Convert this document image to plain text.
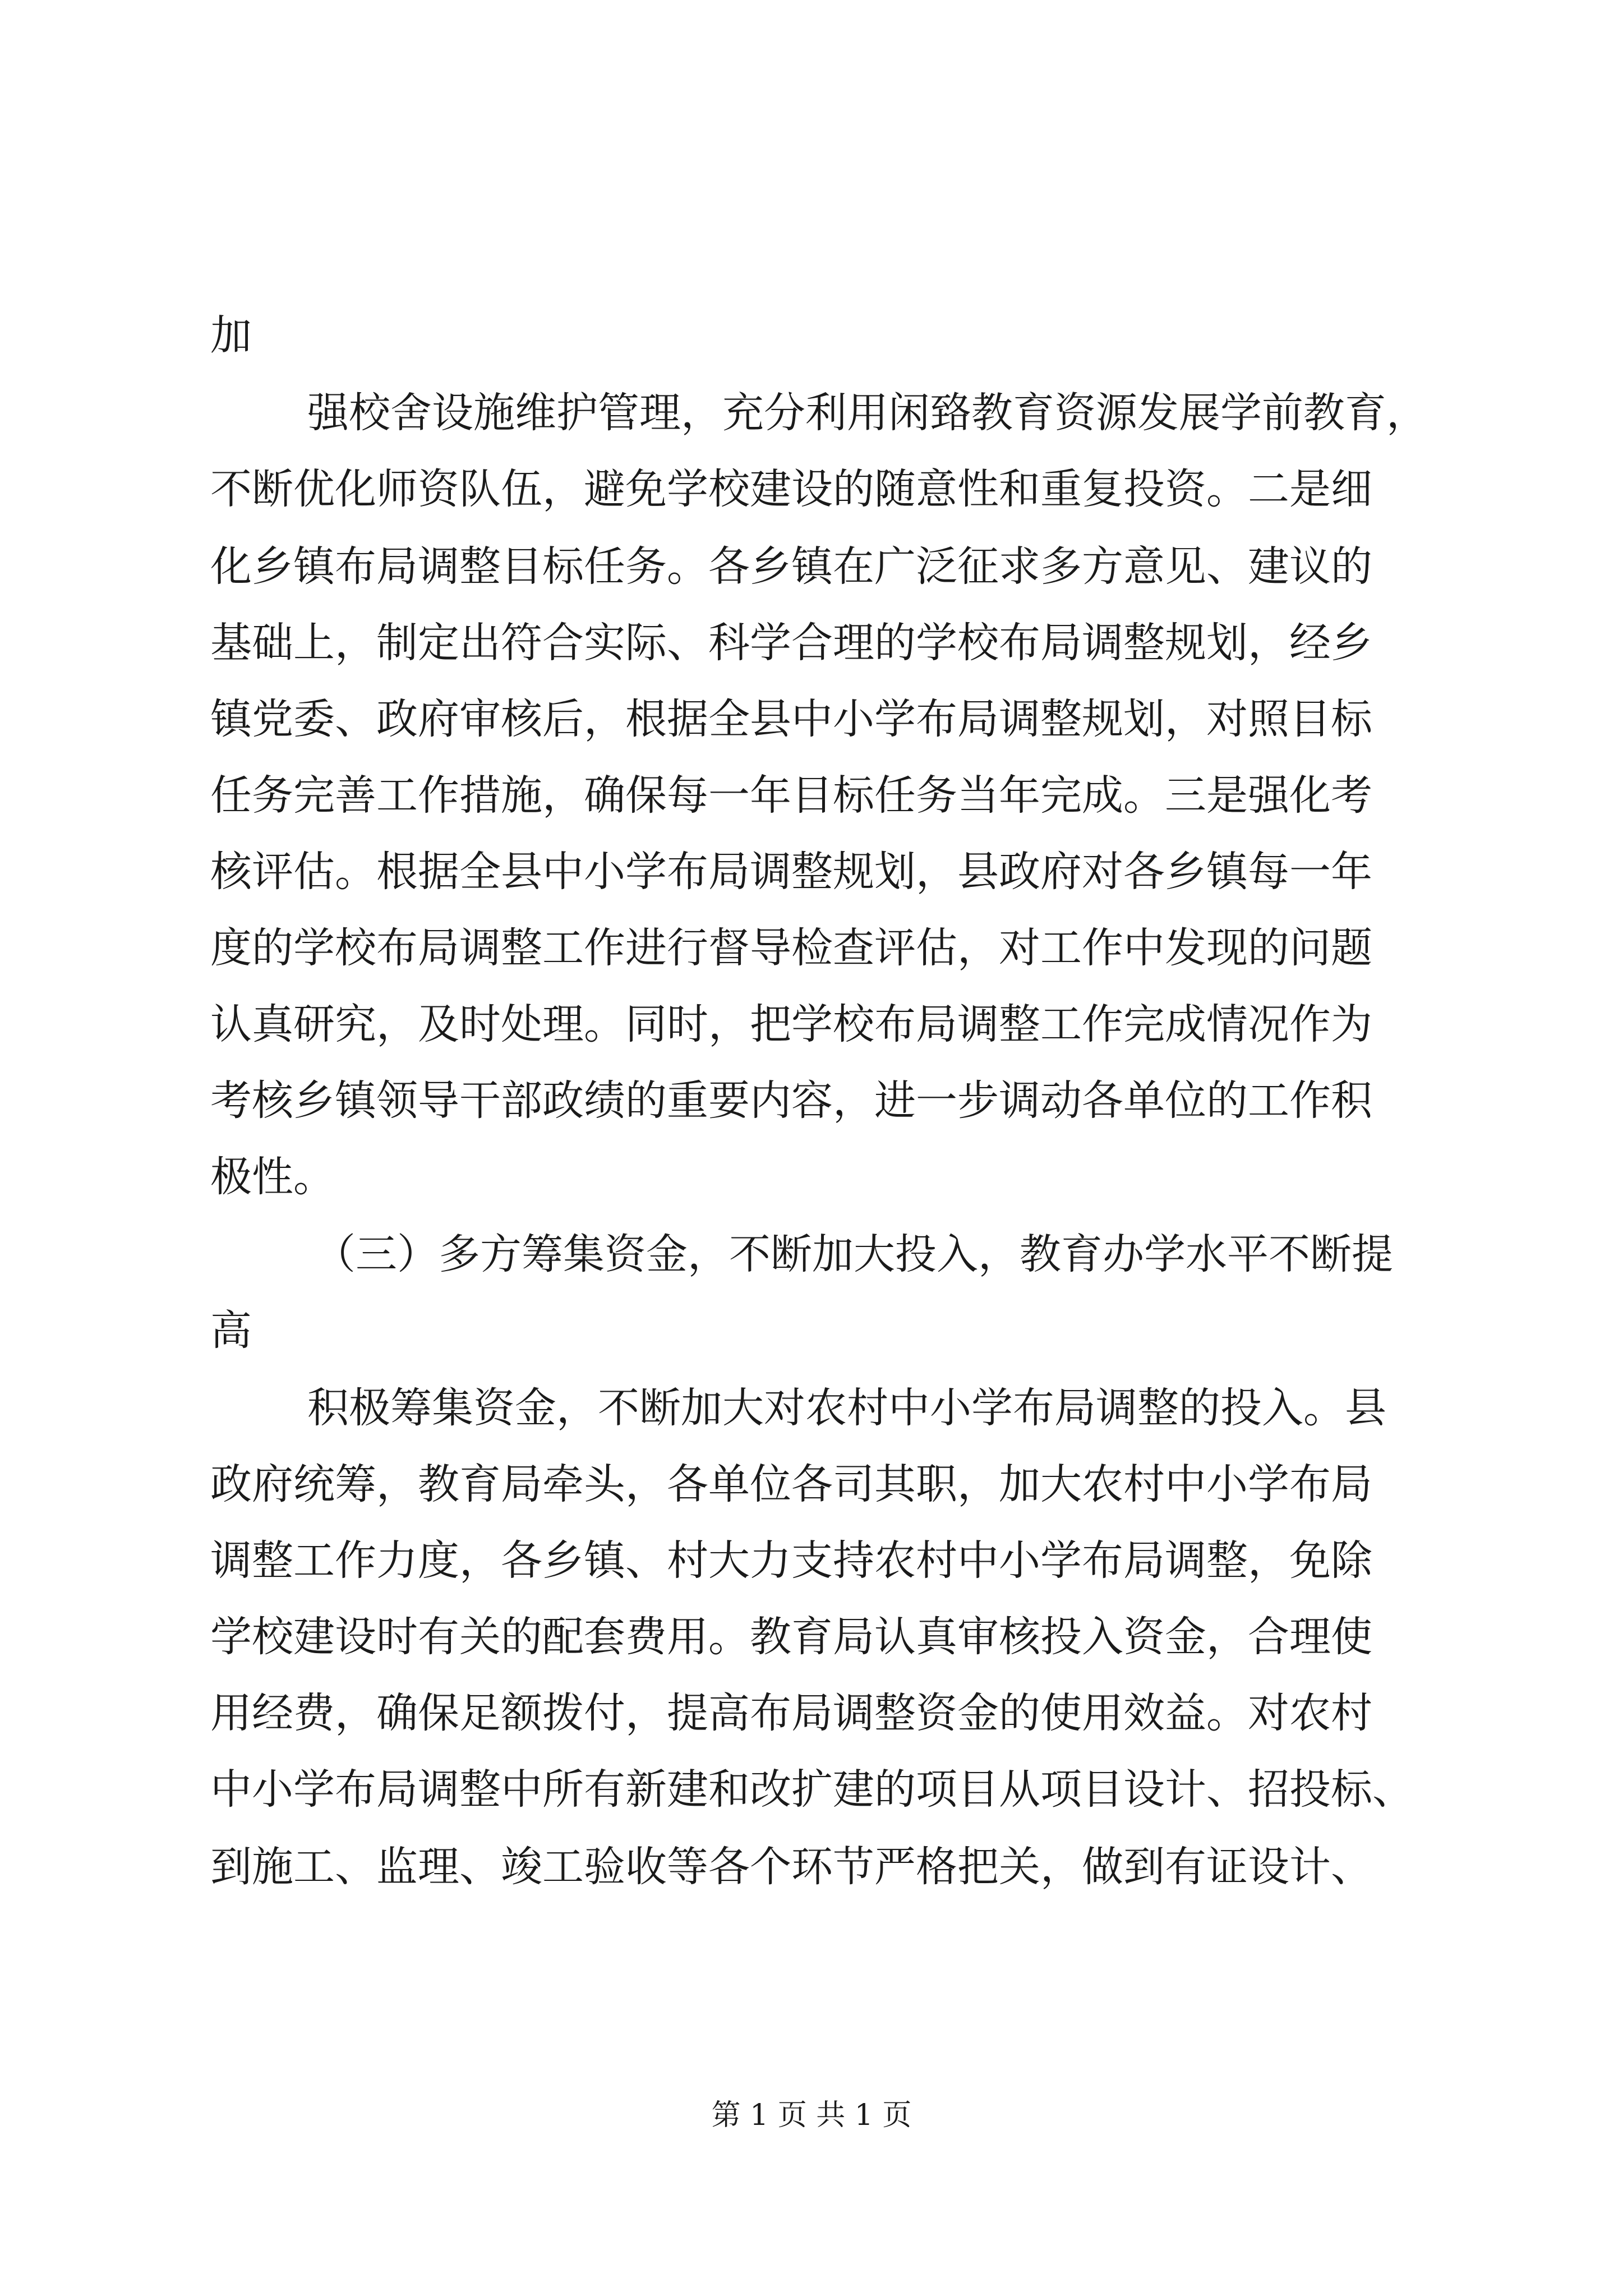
加
强校舍设施维护管理，充分利用闲臵教育资源发展学前教育，
不断优化师资队伍，避免学校建设的随意性和重复投资。二是细
化乡镇布局调整目标任务。各乡镇在广泛征求多方意见、建议的
基础上，制定出符合实际、科学合理的学校布局调整规划，经乡
镇党委、政府审核后，根据全县中小学布局调整规划，对照目标
任务完善工作措施，确保每一年目标任务当年完成。三是强化考
核评估。根据全县中小学布局调整规划，县政府对各乡镇每一年
度的学校布局调整工作进行督导检查评估，对工作中发现的问题
认真研究，及时处理。同时，把学校布局调整工作完成情况作为
考核乡镇领导干部政绩的重要内容，进一步调动各单位的工作积
极性。
（三）多方筹集资金，不断加大投入，教育办学水平不断提
高
积极筹集资金，不断加大对农村中小学布局调整的投入。县
政府统筹，教育局牵头，各单位各司其职，加大农村中小学布局
调整工作力度，各乡镇、村大力支持农村中小学布局调整，免除
学校建设时有关的配套费用。教育局认真审核投入资金，合理使
用经费，确保足额拨付，提高布局调整资金的使用效益。对农村
中小学布局调整中所有新建和改扩建的项目从项目设计、招投标、
到施工、监理、竣工验收等各个环节严格把关，做到有证设计、
第 1 页 共 1 页
